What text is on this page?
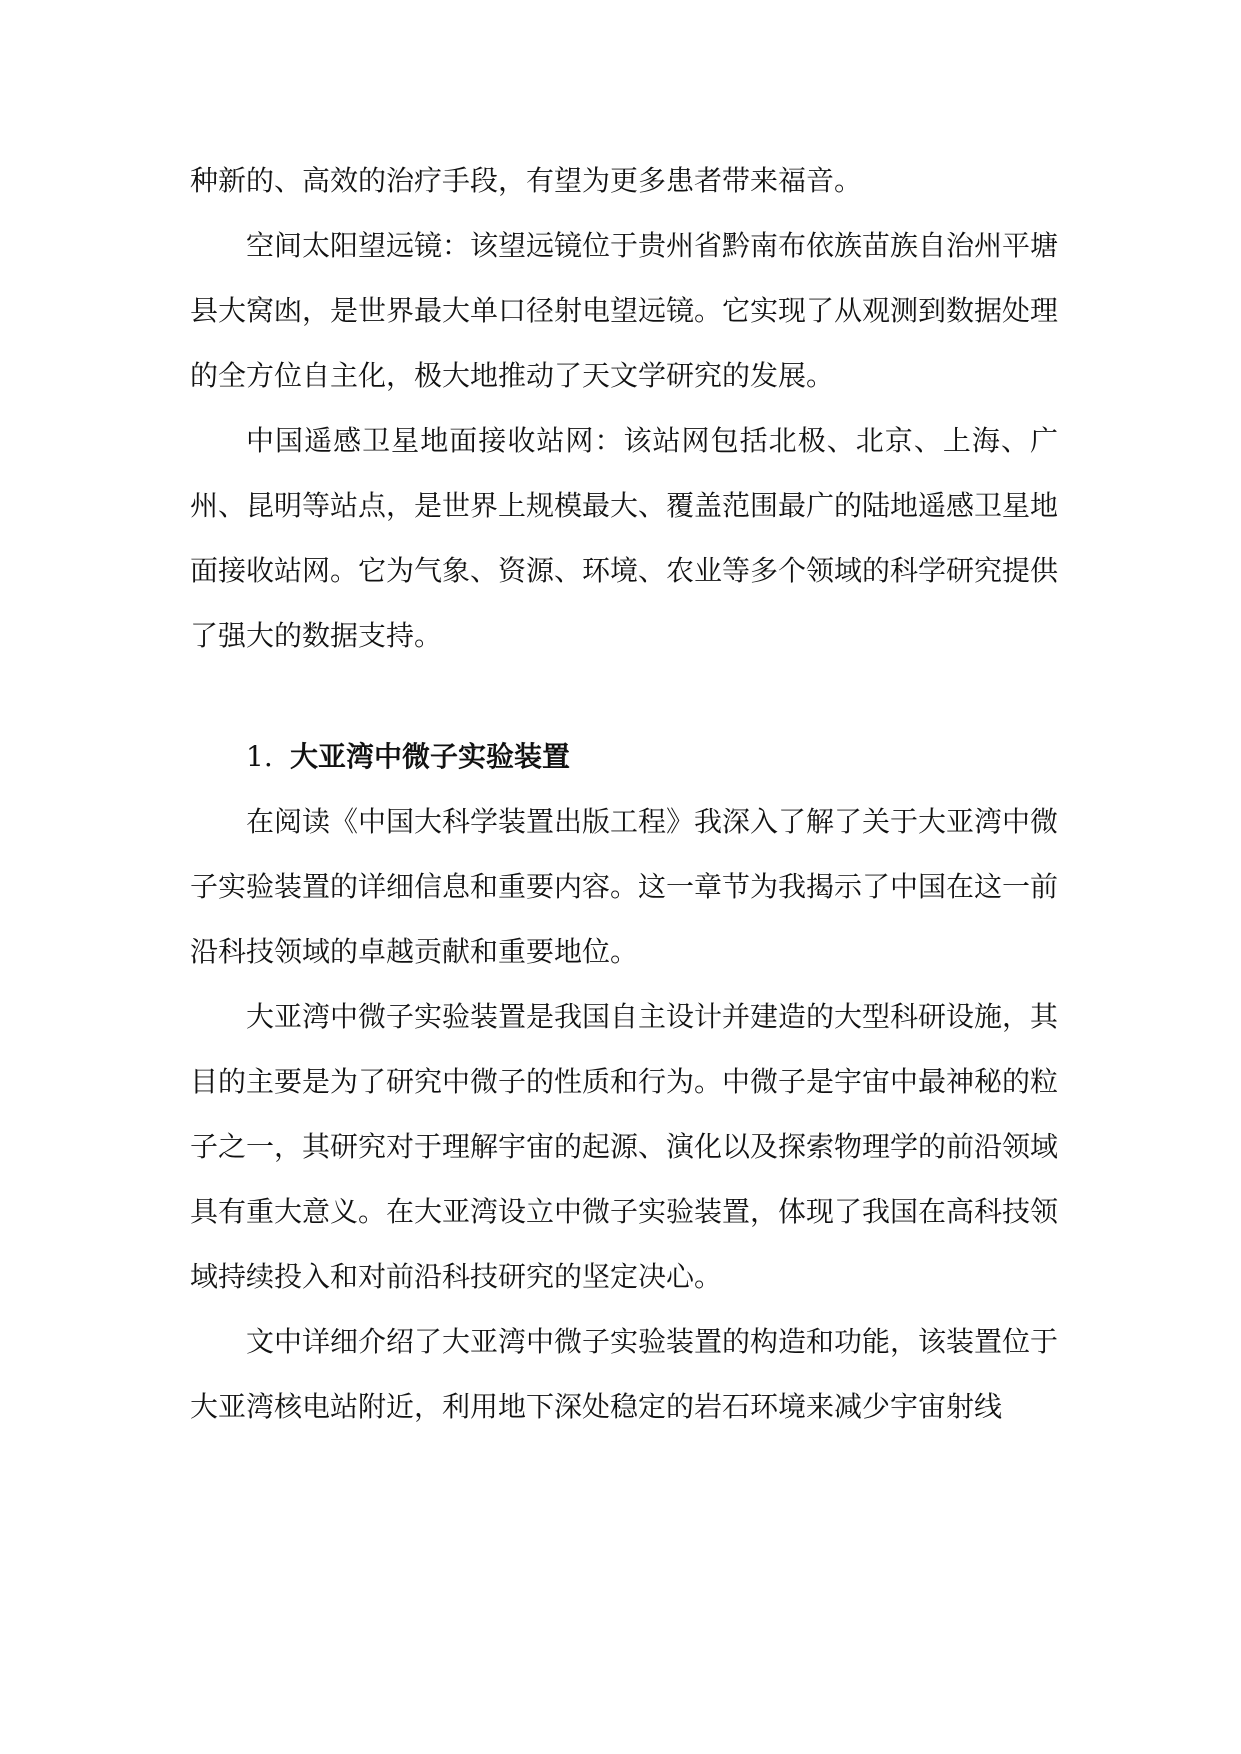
种新的、高效的治疗手段，有望为更多患者带来福音。

空间太阳望远镜：该望远镜位于贵州省黔南布依族苗族自治州平塘县大窝凼，是世界最大单口径射电望远镜。它实现了从观测到数据处理的全方位自主化，极大地推动了天文学研究的发展。

中国遥感卫星地面接收站网：该站网包括北极、北京、上海、广州、昆明等站点，是世界上规模最大、覆盖范围最广的陆地遥感卫星地面接收站网。它为气象、资源、环境、农业等多个领域的科学研究提供了强大的数据支持。

1. 大亚湾中微子实验装置

在阅读《中国大科学装置出版工程》我深入了解了关于大亚湾中微子实验装置的详细信息和重要内容。这一章节为我揭示了中国在这一前沿科技领域的卓越贡献和重要地位。

大亚湾中微子实验装置是我国自主设计并建造的大型科研设施，其目的主要是为了研究中微子的性质和行为。中微子是宇宙中最神秘的粒子之一，其研究对于理解宇宙的起源、演化以及探索物理学的前沿领域具有重大意义。在大亚湾设立中微子实验装置，体现了我国在高科技领域持续投入和对前沿科技研究的坚定决心。

文中详细介绍了大亚湾中微子实验装置的构造和功能，该装置位于大亚湾核电站附近，利用地下深处稳定的岩石环境来减少宇宙射线
